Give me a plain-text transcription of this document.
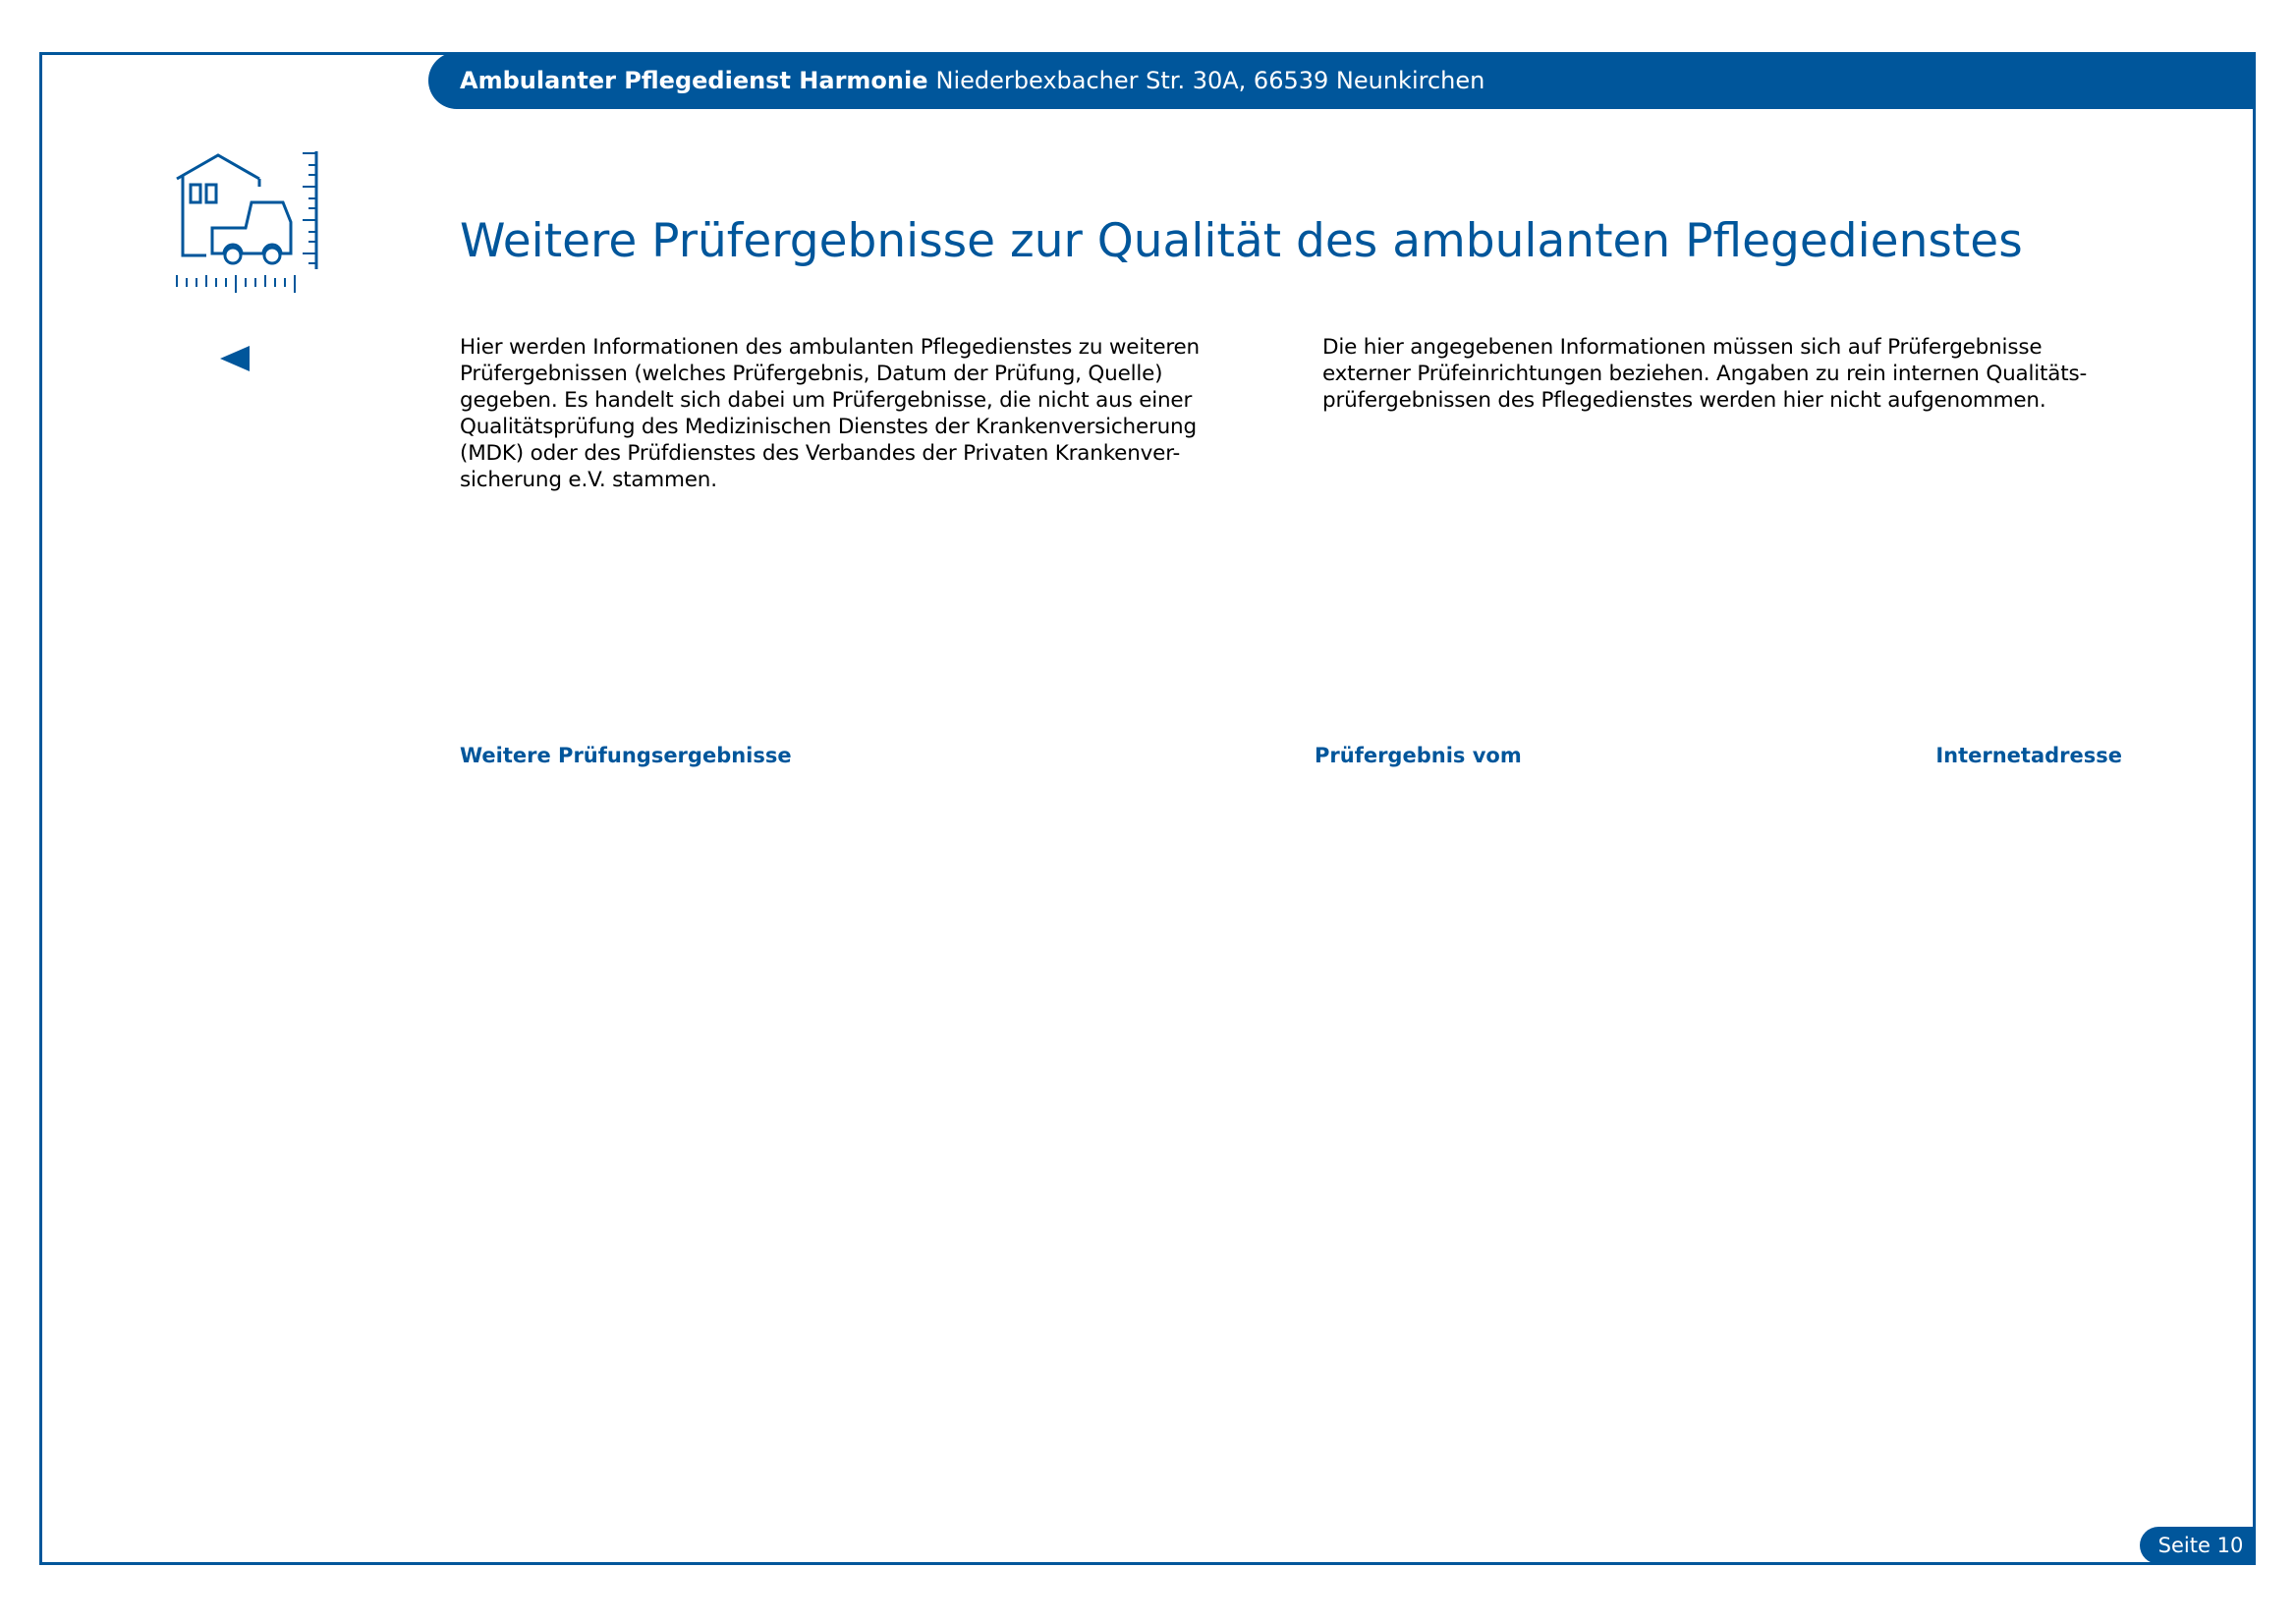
Ambulanter Pflegedienst Harmonie Niederbexbacher Str. 30A, 66539 Neunkirchen
Weitere Prüfergebnisse zur Qualität des ambulanten Pflegedienstes

Hier werden Informationen des ambulanten Pflegedienstes zu weiteren
Prüfergebnissen (welches Prüfergebnis, Datum der Prüfung, Quelle)
gegeben. Es handelt sich dabei um Prüfergebnisse, die nicht aus einer
Qualitätsprüfung des Medizinischen Dienstes der Krankenversicherung
(MDK) oder des Prüfdienstes des Verbandes der Privaten Krankenver-
sicherung e.V. stammen.

Die hier angegebenen Informationen müssen sich auf Prüfergebnisse
externer Prüfeinrichtungen beziehen. Angaben zu rein internen Qualitäts-
prüfergebnissen des Pflegedienstes werden hier nicht aufgenommen.

Weitere Prüfungsergebnisse	Prüfergebnis vom	Internetadresse
Seite 10
